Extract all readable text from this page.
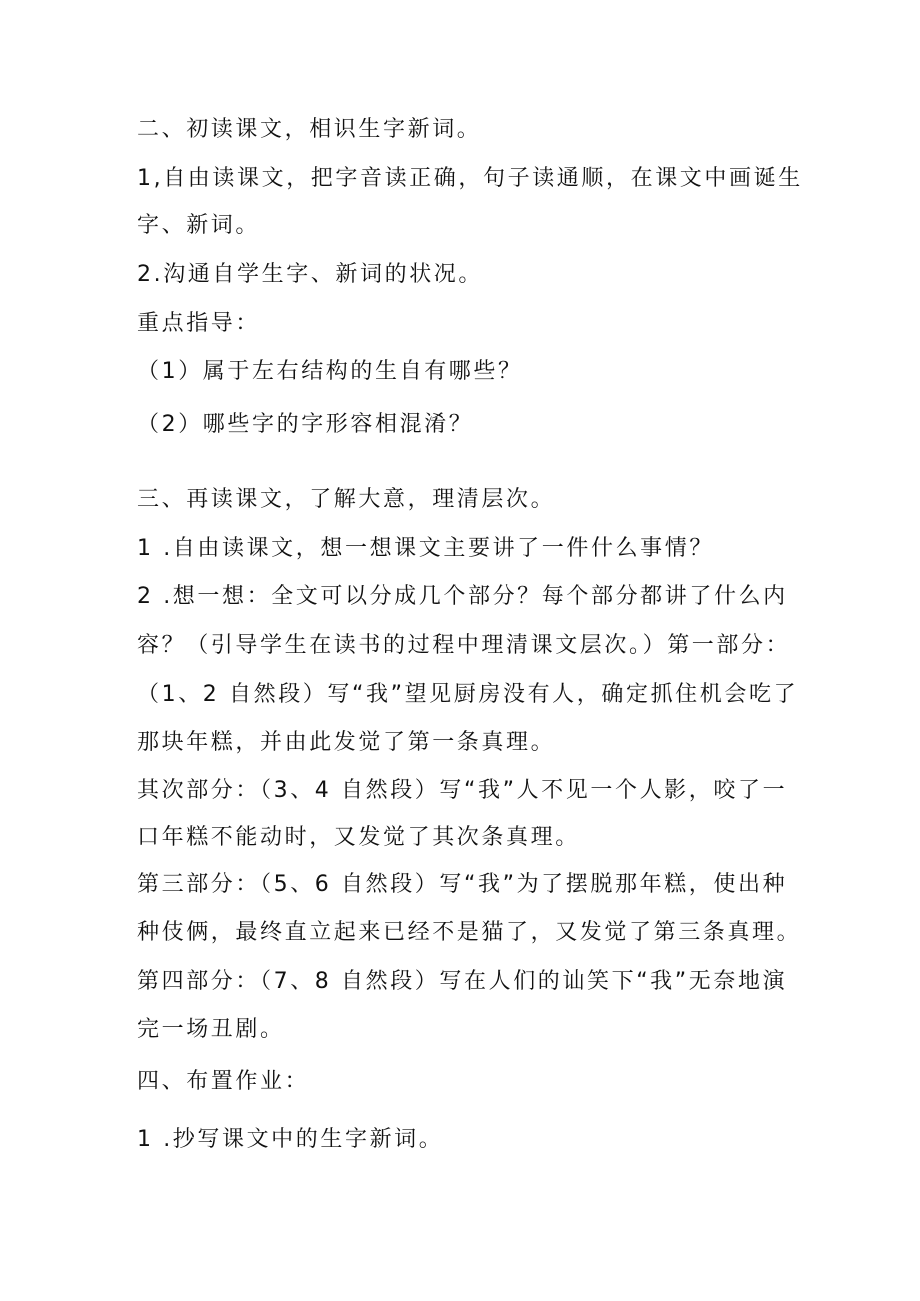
二、初读课文，相识生字新词。
1,自由读课文，把字音读正确，句子读通顺，在课文中画诞生
字、新词。
2.沟通自学生字、新词的状况。
重点指导：
（1）属于左右结构的生自有哪些？
（2）哪些字的字形容相混淆？
三、再读课文，了解大意，理清层次。
1 .自由读课文，想一想课文主要讲了一件什么事情？
2 .想一想：全文可以分成几个部分？每个部分都讲了什么内
容？（引导学生在读书的过程中理清课文层次。）第一部分：
（1、2 自然段）写“我”望见厨房没有人，确定抓住机会吃了
那块年糕，并由此发觉了第一条真理。
其次部分：（3、4 自然段）写“我”人不见一个人影，咬了一
口年糕不能动时，又发觉了其次条真理。
第三部分：（5、6 自然段）写“我”为了摆脱那年糕，使出种
种伎俩，最终直立起来已经不是猫了，又发觉了第三条真理。
第四部分：（7、8 自然段）写在人们的讪笑下“我”无奈地演
完一场丑剧。
四、布置作业：
1 .抄写课文中的生字新词。
